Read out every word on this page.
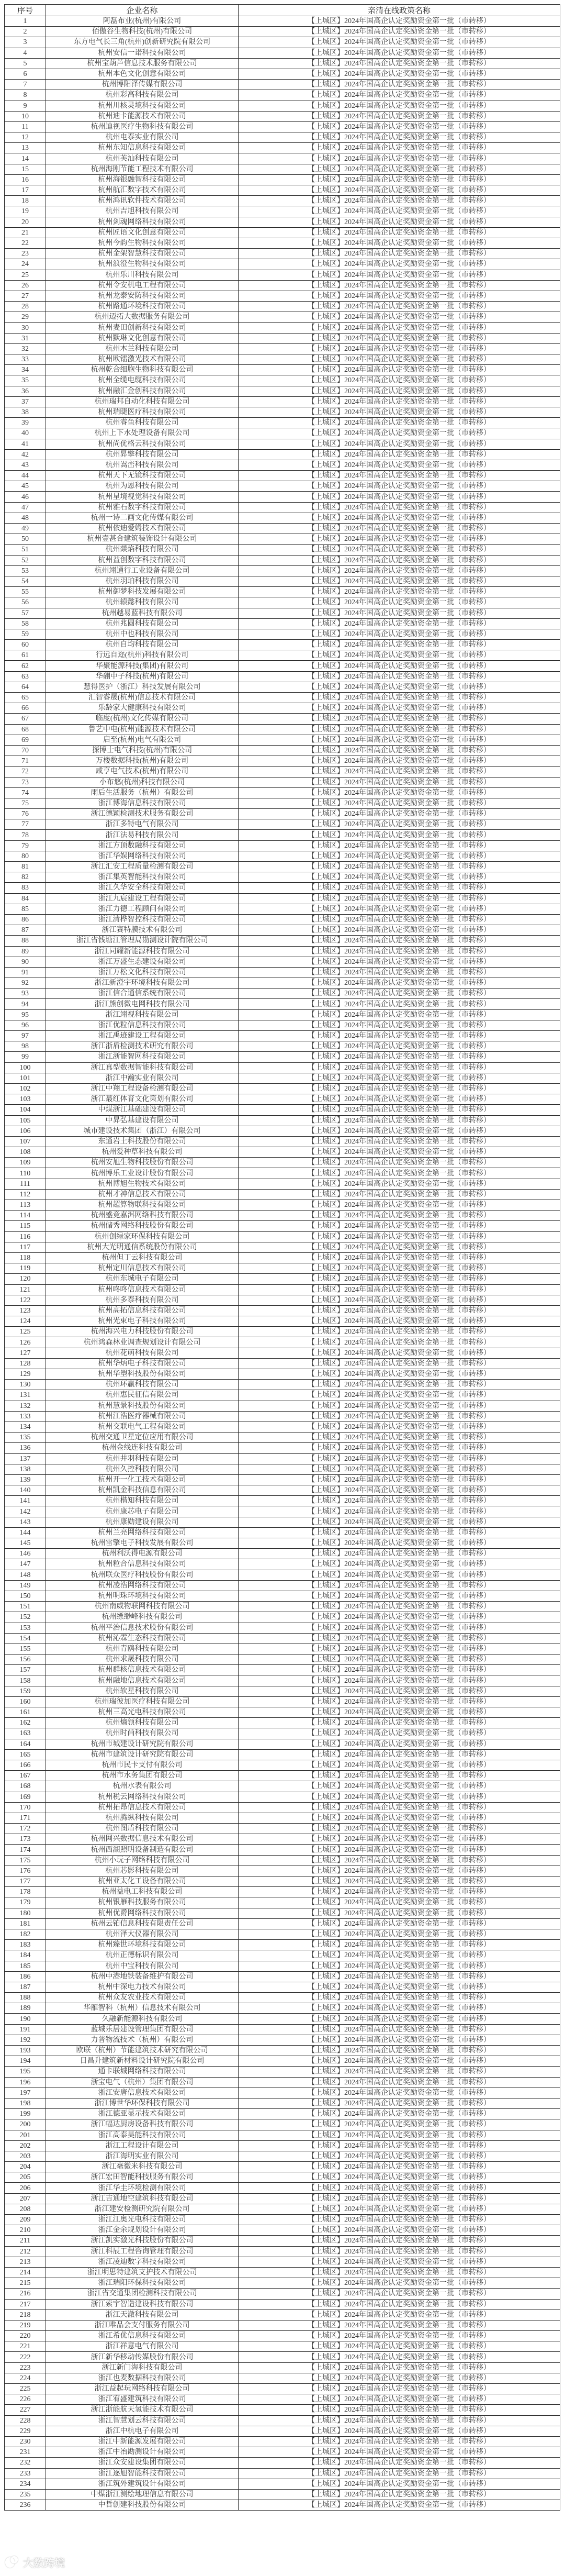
序号	企业名称	亲清在线政策名称
1	阿磊布业(杭州)有限公司	【上城区】2024年国高企认定奖励资金第一批（市转移）
2	佰傲谷生物科技(杭州)有限公司	【上城区】2024年国高企认定奖励资金第一批（市转移）
3	东方电气长三角(杭州)创新研究院有限公司	【上城区】2024年国高企认定奖励资金第一批（市转移）
4	杭州安信一诺科技有限公司	【上城区】2024年国高企认定奖励资金第一批（市转移）
5	杭州宝葫芦信息技术服务有限公司	【上城区】2024年国高企认定奖励资金第一批（市转移）
6	杭州本色文化创意有限公司	【上城区】2024年国高企认定奖励资金第一批（市转移）
7	杭州博阳泽传媒有限公司	【上城区】2024年国高企认定奖励资金第一批（市转移）
8	杭州彩高科技有限公司	【上城区】2024年国高企认定奖励资金第一批（市转移）
9	杭州川核灵境科技有限公司	【上城区】2024年国高企认定奖励资金第一批（市转移）
10	杭州迪卡能源技术有限公司	【上城区】2024年国高企认定奖励资金第一批（市转移）
11	杭州迪视医疗生物科技有限公司	【上城区】2024年国高企认定奖励资金第一批（市转移）
12	杭州电泰实业有限公司	【上城区】2024年国高企认定奖励资金第一批（市转移）
13	杭州东知信息科技有限公司	【上城区】2024年国高企认定奖励资金第一批（市转移）
14	杭州芙汕科技有限公司	【上城区】2024年国高企认定奖励资金第一批（市转移）
15	杭州海刚节能工程技术有限公司	【上城区】2024年国高企认定奖励资金第一批（市转移）
16	杭州海银融智科技有限公司	【上城区】2024年国高企认定奖励资金第一批（市转移）
17	杭州航汇数字技术有限公司	【上城区】2024年国高企认定奖励资金第一批（市转移）
18	杭州鸿讯软件技术有限公司	【上城区】2024年国高企认定奖励资金第一批（市转移）
19	杭州吉旭科技有限公司	【上城区】2024年国高企认定奖励资金第一批（市转移）
20	杭州剑魂网络科技有限公司	【上城区】2024年国高企认定奖励资金第一批（市转移）
21	杭州匠语文化创意有限公司	【上城区】2024年国高企认定奖励资金第一批（市转移）
22	杭州今韵生物科技有限公司	【上城区】2024年国高企认定奖励资金第一批（市转移）
23	杭州金架智慧科技有限公司	【上城区】2024年国高企认定奖励资金第一批（市转移）
24	杭州浪澄生物科技有限公司	【上城区】2024年国高企认定奖励资金第一批（市转移）
25	杭州乐川科技有限公司	【上城区】2024年国高企认定奖励资金第一批（市转移）
26	杭州令安机电工程有限公司	【上城区】2024年国高企认定奖励资金第一批（市转移）
27	杭州龙泰安防科技有限公司	【上城区】2024年国高企认定奖励资金第一批（市转移）
28	杭州路通环境科技有限公司	【上城区】2024年国高企认定奖励资金第一批（市转移）
29	杭州迈拓大数据服务有限公司	【上城区】2024年国高企认定奖励资金第一批（市转移）
30	杭州麦田创新科技有限公司	【上城区】2024年国高企认定奖励资金第一批（市转移）
31	杭州默琳文化创意有限公司	【上城区】2024年国高企认定奖励资金第一批（市转移）
32	杭州木兰科技有限公司	【上城区】2024年国高企认定奖励资金第一批（市转移）
33	杭州欧镭激光技术有限公司	【上城区】2024年国高企认定奖励资金第一批（市转移）
34	杭州乾合细胞生物科技有限公司	【上城区】2024年国高企认定奖励资金第一批（市转移）
35	杭州全缆电缆科技有限公司	【上城区】2024年国高企认定奖励资金第一批（市转移）
36	杭州融汇金创科技有限公司	【上城区】2024年国高企认定奖励资金第一批（市转移）
37	杭州瑞邦自动化科技有限公司	【上城区】2024年国高企认定奖励资金第一批（市转移）
38	杭州瑞睫医疗科技有限公司	【上城区】2024年国高企认定奖励资金第一批（市转移）
39	杭州睿鱼科技有限公司	【上城区】2024年国高企认定奖励资金第一批（市转移）
40	杭州上下水处理设备有限公司	【上城区】2024年国高企认定奖励资金第一批（市转移）
41	杭州尚优格云科技有限公司	【上城区】2024年国高企认定奖励资金第一批（市转移）
42	杭州昇擎科技有限公司	【上城区】2024年国高企认定奖励资金第一批（市转移）
43	杭州嵩峦科技有限公司	【上城区】2024年国高企认定奖励资金第一批（市转移）
44	杭州天下无镜科技有限公司	【上城区】2024年国高企认定奖励资金第一批（市转移）
45	杭州为恩科技有限公司	【上城区】2024年国高企认定奖励资金第一批（市转移）
46	杭州星境视觉科技有限公司	【上城区】2024年国高企认定奖励资金第一批（市转移）
47	杭州雅石数字科技有限公司	【上城区】2024年国高企认定奖励资金第一批（市转移）
48	杭州一诗二画文化传媒有限公司	【上城区】2024年国高企认定奖励资金第一批（市转移）
49	杭州依迪爱姆技术有限公司	【上城区】2024年国高企认定奖励资金第一批（市转移）
50	杭州壹甚合建筑装饰设计有限公司	【上城区】2024年国高企认定奖励资金第一批（市转移）
51	杭州燚焰科技有限公司	【上城区】2024年国高企认定奖励资金第一批（市转移）
52	杭州益创数字科技有限公司	【上城区】2024年国高企认定奖励资金第一批（市转移）
53	杭州翊通行工业设备有限公司	【上城区】2024年国高企认定奖励资金第一批（市转移）
54	杭州羽珀科技有限公司	【上城区】2024年国高企认定奖励资金第一批（市转移）
55	杭州御梦科技发展有限公司	【上城区】2024年国高企认定奖励资金第一批（市转移）
56	杭州辕懿科技有限公司	【上城区】2024年国高企认定奖励资金第一批（市转移）
57	杭州越易蓝科技有限公司	【上城区】2024年国高企认定奖励资金第一批（市转移）
58	杭州兆圆科技有限公司	【上城区】2024年国高企认定奖励资金第一批（市转移）
59	杭州中也科技有限公司	【上城区】2024年国高企认定奖励资金第一批（市转移）
60	杭州自均科技有限公司	【上城区】2024年国高企认定奖励资金第一批（市转移）
61	行远自迩(杭州)科技有限公司	【上城区】2024年国高企认定奖励资金第一批（市转移）
62	华聚能源科技(集团)有限公司	【上城区】2024年国高企认定奖励资金第一批（市转移）
63	华硼中子科技(杭州)有限公司	【上城区】2024年国高企认定奖励资金第一批（市转移）
64	慧得医护（浙江）科技发展有限公司	【上城区】2024年国高企认定奖励资金第一批（市转移）
65	汇智睿晟(杭州)信息技术有限公司	【上城区】2024年国高企认定奖励资金第一批（市转移）
66	乐龄家大健康科技有限公司	【上城区】2024年国高企认定奖励资金第一批（市转移）
67	临度(杭州)文化传媒有限公司	【上城区】2024年国高企认定奖励资金第一批（市转移）
68	鲁艺中电(杭州)能源技术有限公司	【上城区】2024年国高企认定奖励资金第一批（市转移）
69	启至(杭州)电气有限公司	【上城区】2024年国高企认定奖励资金第一批（市转移）
70	探博士电气科技(杭州)有限公司	【上城区】2024年国高企认定奖励资金第一批（市转移）
71	万楼数据科技(杭州)有限公司	【上城区】2024年国高企认定奖励资金第一批（市转移）
72	咸亨电气技术(杭州)有限公司	【上城区】2024年国高企认定奖励资金第一批（市转移）
73	小布悠(杭州)科技有限公司	【上城区】2024年国高企认定奖励资金第一批（市转移）
74	雨后生活服务（杭州）有限公司	【上城区】2024年国高企认定奖励资金第一批（市转移）
75	浙江博海信息科技有限公司	【上城区】2024年国高企认定奖励资金第一批（市转移）
76	浙江德颖检测技术服务有限公司	【上城区】2024年国高企认定奖励资金第一批（市转移）
77	浙江多特电气有限公司	【上城区】2024年国高企认定奖励资金第一批（市转移）
78	浙江法易科技有限公司	【上城区】2024年国高企认定奖励资金第一批（市转移）
79	浙江方顶数融科技有限公司	【上城区】2024年国高企认定奖励资金第一批（市转移）
80	浙江华娱网络科技有限公司	【上城区】2024年国高企认定奖励资金第一批（市转移）
81	浙江汇安工程质量检测有限公司	【上城区】2024年国高企认定奖励资金第一批（市转移）
82	浙江集英智能科技有限公司	【上城区】2024年国高企认定奖励资金第一批（市转移）
83	浙江久华安全科技有限公司	【上城区】2024年国高企认定奖励资金第一批（市转移）
84	浙江九宸建设工程有限公司	【上城区】2024年国高企认定奖励资金第一批（市转移）
85	浙江力德工程顾问有限公司	【上城区】2024年国高企认定奖励资金第一批（市转移）
86	浙江清桦智控科技有限公司	【上城区】2024年国高企认定奖励资金第一批（市转移）
87	浙江赛特膜技术有限公司	【上城区】2024年国高企认定奖励资金第一批（市转移）
88	浙江省钱塘江管理局勘测设计院有限公司	【上城区】2024年国高企认定奖励资金第一批（市转移）
89	浙江同耀新能源科技有限公司	【上城区】2024年国高企认定奖励资金第一批（市转移）
90	浙江万盛生态建设有限公司	【上城区】2024年国高企认定奖励资金第一批（市转移）
91	浙江万松文化科技有限公司	【上城区】2024年国高企认定奖励资金第一批（市转移）
92	浙江新澄宇环境科技有限公司	【上城区】2024年国高企认定奖励资金第一批（市转移）
93	浙江信合通信系统有限公司	【上城区】2024年国高企认定奖励资金第一批（市转移）
94	浙江熊创微电网科技有限公司	【上城区】2024年国高企认定奖励资金第一批（市转移）
95	浙江翊视科技有限公司	【上城区】2024年国高企认定奖励资金第一批（市转移）
96	浙江优粒信息科技有限公司	【上城区】2024年国高企认定奖励资金第一批（市转移）
97	浙江禹迹建设工程有限公司	【上城区】2024年国高企认定奖励资金第一批（市转移）
98	浙江浙盾检测技术研究有限公司	【上城区】2024年国高企认定奖励资金第一批（市转移）
99	浙江浙能智网科技有限公司	【上城区】2024年国高企认定奖励资金第一批（市转移）
100	浙江真型数据智能科技有限公司	【上城区】2024年国高企认定奖励资金第一批（市转移）
101	浙江中瀚实业有限公司	【上城区】2024年国高企认定奖励资金第一批（市转移）
102	浙江中翔工程设备检测有限公司	【上城区】2024年国高企认定奖励资金第一批（市转移）
103	浙江蕞红体育文化策划有限公司	【上城区】2024年国高企认定奖励资金第一批（市转移）
104	中煤浙江基础建设有限公司	【上城区】2024年国高企认定奖励资金第一批（市转移）
105	中昇弘基建设有限公司	【上城区】2024年国高企认定奖励资金第一批（市转移）
106	城市建设技术集团（浙江）有限公司	【上城区】2024年国高企认定奖励资金第一批（市转移）
107	东通岩土科技股份有限公司	【上城区】2024年国高企认定奖励资金第一批（市转移）
108	杭州爱种草科技有限公司	【上城区】2024年国高企认定奖励资金第一批（市转移）
109	杭州安旭生物科技股份有限公司	【上城区】2024年国高企认定奖励资金第一批（市转移）
110	杭州博乐工业设计股份有限公司	【上城区】2024年国高企认定奖励资金第一批（市转移）
111	杭州博旭生物技术有限公司	【上城区】2024年国高企认定奖励资金第一批（市转移）
112	杭州才神信息技术有限公司	【上城区】2024年国高企认定奖励资金第一批（市转移）
113	杭州超算物联科技有限公司	【上城区】2024年国高企认定奖励资金第一批（市转移）
114	杭州盛竞嘉洱网络科技有限公司	【上城区】2024年国高企认定奖励资金第一批（市转移）
115	杭州储秀网络科技股份有限公司	【上城区】2024年国高企认定奖励资金第一批（市转移）
116	杭州创绿家环保科技有限公司	【上城区】2024年国高企认定奖励资金第一批（市转移）
117	杭州大光明通信系统股份有限公司	【上城区】2024年国高企认定奖励资金第一批（市转移）
118	杭州但丁云科技有限公司	【上城区】2024年国高企认定奖励资金第一批（市转移）
119	杭州定川信息技术有限公司	【上城区】2024年国高企认定奖励资金第一批（市转移）
120	杭州东城电子有限公司	【上城区】2024年国高企认定奖励资金第一批（市转移）
121	杭州咚咚信息技术有限公司	【上城区】2024年国高企认定奖励资金第一批（市转移）
122	杭州多泰科技有限公司	【上城区】2024年国高企认定奖励资金第一批（市转移）
123	杭州高拓信息科技有限公司	【上城区】2024年国高企认定奖励资金第一批（市转移）
124	杭州光束电子科技有限公司	【上城区】2024年国高企认定奖励资金第一批（市转移）
125	杭州海兴电力科技股份有限公司	【上城区】2024年国高企认定奖励资金第一批（市转移）
126	杭州鸿森林业调查规划设计有限公司	【上城区】2024年国高企认定奖励资金第一批（市转移）
127	杭州花萌科技有限公司	【上城区】2024年国高企认定奖励资金第一批（市转移）
128	杭州华炳电子科技有限公司	【上城区】2024年国高企认定奖励资金第一批（市转移）
129	杭州华塑科技股份有限公司	【上城区】2024年国高企认定奖励资金第一批（市转移）
130	杭州环赢科技有限公司	【上城区】2024年国高企认定奖励资金第一批（市转移）
131	杭州惠民征信有限公司	【上城区】2024年国高企认定奖励资金第一批（市转移）
132	杭州慧景科技股份有限公司	【上城区】2024年国高企认定奖励资金第一批（市转移）
133	杭州江浩医疗器械有限公司	【上城区】2024年国高企认定奖励资金第一批（市转移）
134	杭州交联电气工程有限公司	【上城区】2024年国高企认定奖励资金第一批（市转移）
135	杭州交通卫星定位应用有限公司	【上城区】2024年国高企认定奖励资金第一批（市转移）
136	杭州金线连科技有限公司	【上城区】2024年国高企认定奖励资金第一批（市转移）
137	杭州井羽科技有限公司	【上城区】2024年国高企认定奖励资金第一批（市转移）
138	杭州久控科技有限公司	【上城区】2024年国高企认定奖励资金第一批（市转移）
139	杭州开一化工技术有限公司	【上城区】2024年国高企认定奖励资金第一批（市转移）
140	杭州凯金科技信息有限公司	【上城区】2024年国高企认定奖励资金第一批（市转移）
141	杭州楷知科技有限公司	【上城区】2024年国高企认定奖励资金第一批（市转移）
142	杭州康芯电子有限公司	【上城区】2024年国高企认定奖励资金第一批（市转移）
143	杭州康勋建设有限公司	【上城区】2024年国高企认定奖励资金第一批（市转移）
144	杭州兰亮网络科技有限公司	【上城区】2024年国高企认定奖励资金第一批（市转移）
145	杭州雷擎电子科技发展有限公司	【上城区】2024年国高企认定奖励资金第一批（市转移）
146	杭州利沃得电源有限公司	【上城区】2024年国高企认定奖励资金第一批（市转移）
147	杭州粒合信息科技有限公司	【上城区】2024年国高企认定奖励资金第一批（市转移）
148	杭州联众医疗科技股份有限公司	【上城区】2024年国高企认定奖励资金第一批（市转移）
149	杭州凌浩网络科技有限公司	【上城区】2024年国高企认定奖励资金第一批（市转移）
150	杭州明珠环境科技有限公司	【上城区】2024年国高企认定奖励资金第一批（市转移）
151	杭州南威物联网科技有限公司	【上城区】2024年国高企认定奖励资金第一批（市转移）
152	杭州缥缈峰科技有限公司	【上城区】2024年国高企认定奖励资金第一批（市转移）
153	杭州平治信息技术股份有限公司	【上城区】2024年国高企认定奖励资金第一批（市转移）
154	杭州沁霖生态科技有限公司	【上城区】2024年国高企认定奖励资金第一批（市转移）
155	杭州青鸥科技有限公司	【上城区】2024年国高企认定奖励资金第一批（市转移）
156	杭州求晟科技有限公司	【上城区】2024年国高企认定奖励资金第一批（市转移）
157	杭州群核信息技术有限公司	【上城区】2024年国高企认定奖励资金第一批（市转移）
158	杭州融地信息技术有限公司	【上城区】2024年国高企认定奖励资金第一批（市转移）
159	杭州软星科技有限公司	【上城区】2024年国高企认定奖励资金第一批（市转移）
160	杭州瑞彼加医疗科技有限公司	【上城区】2024年国高企认定奖励资金第一批（市转移）
161	杭州三高光电科技有限公司	【上城区】2024年国高企认定奖励资金第一批（市转移）
162	杭州熵领科技有限公司	【上城区】2024年国高企认定奖励资金第一批（市转移）
163	杭州时尚科技有限公司	【上城区】2024年国高企认定奖励资金第一批（市转移）
164	杭州市城建设计研究院有限公司	【上城区】2024年国高企认定奖励资金第一批（市转移）
165	杭州市建筑设计研究院有限公司	【上城区】2024年国高企认定奖励资金第一批（市转移）
166	杭州市民卡支付有限公司	【上城区】2024年国高企认定奖励资金第一批（市转移）
167	杭州市水务集团有限公司	【上城区】2024年国高企认定奖励资金第一批（市转移）
168	杭州水表有限公司	【上城区】2024年国高企认定奖励资金第一批（市转移）
169	杭州税云网络科技有限公司	【上城区】2024年国高企认定奖励资金第一批（市转移）
170	杭州拓昂信息技术有限公司	【上城区】2024年国高企认定奖励资金第一批（市转移）
171	杭州腾纵科技有限公司	【上城区】2024年国高企认定奖励资金第一批（市转移）
172	杭州图盾科技有限公司	【上城区】2024年国高企认定奖励资金第一批（市转移）
173	杭州网兴数据信息技术有限公司	【上城区】2024年国高企认定奖励资金第一批（市转移）
174	杭州西湖照明设备制造有限公司	【上城区】2024年国高企认定奖励资金第一批（市转移）
175	杭州小玩子网络科技有限公司	【上城区】2024年国高企认定奖励资金第一批（市转移）
176	杭州芯影科技有限公司	【上城区】2024年国高企认定奖励资金第一批（市转移）
177	杭州亚太化工设备有限公司	【上城区】2024年国高企认定奖励资金第一批（市转移）
178	杭州益电工科技有限公司	【上城区】2024年国高企认定奖励资金第一批（市转移）
179	杭州银雁科技服务有限公司	【上城区】2024年国高企认定奖励资金第一批（市转移）
180	杭州优爵网络科技有限公司	【上城区】2024年国高企认定奖励资金第一批（市转移）
181	杭州云铂信息科技有限责任公司	【上城区】2024年国高企认定奖励资金第一批（市转移）
182	杭州泽大仪器有限公司	【上城区】2024年国高企认定奖励资金第一批（市转移）
183	杭州臻世环境科技有限公司	【上城区】2024年国高企认定奖励资金第一批（市转移）
184	杭州正德标识有限公司	【上城区】2024年国高企认定奖励资金第一批（市转移）
185	杭州中宝科技有限公司	【上城区】2024年国高企认定奖励资金第一批（市转移）
186	杭州中港地铁装备维护有限公司	【上城区】2024年国高企认定奖励资金第一批（市转移）
187	杭州中深电力技术有限公司	【上城区】2024年国高企认定奖励资金第一批（市转移）
188	杭州众友农业技术有限公司	【上城区】2024年国高企认定奖励资金第一批（市转移）
189	华雁智科（杭州）信息技术有限公司	【上城区】2024年国高企认定奖励资金第一批（市转移）
190	久融新能源科技有限公司	【上城区】2024年国高企认定奖励资金第一批（市转移）
191	蓝城乐居建设管理集团有限公司	【上城区】2024年国高企认定奖励资金第一批（市转移）
192	力普物流技术（杭州）有限公司	【上城区】2024年国高企认定奖励资金第一批（市转移）
193	欧联（杭州）节能建筑技术研究有限公司	【上城区】2024年国高企认定奖励资金第一批（市转移）
194	日昌升建筑新材料设计研究院有限公司	【上城区】2024年国高企认定奖励资金第一批（市转移）
195	通卡联城网络科技有限公司	【上城区】2024年国高企认定奖励资金第一批（市转移）
196	浙宝电气（杭州）集团有限公司	【上城区】2024年国高企认定奖励资金第一批（市转移）
197	浙江安唐信息技术有限公司	【上城区】2024年国高企认定奖励资金第一批（市转移）
198	浙江博世华环保科技有限公司	【上城区】2024年国高企认定奖励资金第一批（市转移）
199	浙江德亚显示技术有限公司	【上城区】2024年国高企认定奖励资金第一批（市转移）
200	浙江幅达厨房设备科技有限公司	【上城区】2024年国高企认定奖励资金第一批（市转移）
201	浙江高泰昊能科技有限公司	【上城区】2024年国高企认定奖励资金第一批（市转移）
202	浙江工程设计有限公司	【上城区】2024年国高企认定奖励资金第一批（市转移）
203	浙江海明实业有限公司	【上城区】2024年国高企认定奖励资金第一批（市转移）
204	浙江毫微米科技有限公司	【上城区】2024年国高企认定奖励资金第一批（市转移）
205	浙江宏田智能科技服务有限公司	【上城区】2024年国高企认定奖励资金第一批（市转移）
206	浙江华圭环境检测有限公司	【上城区】2024年国高企认定奖励资金第一批（市转移）
207	浙江吉通地空建筑科技有限公司	【上城区】2024年国高企认定奖励资金第一批（市转移）
208	浙江建安检测研究院有限公司	【上城区】2024年国高企认定奖励资金第一批（市转移）
209	浙江江奥光电科技有限公司	【上城区】2024年国高企认定奖励资金第一批（市转移）
210	浙江金余规划设计有限公司	【上城区】2024年国高企认定奖励资金第一批（市转移）
211	浙江凯实激光科技股份有限公司	【上城区】2024年国高企认定奖励资金第一批（市转移）
212	浙江科辰工程咨询管理有限公司	【上城区】2024年国高企认定奖励资金第一批（市转移）
213	浙江凌迪数字科技有限公司	【上城区】2024年国高企认定奖励资金第一批（市转移）
214	浙江明思特建筑支护技术有限公司	【上城区】2024年国高企认定奖励资金第一批（市转移）
215	浙江瑞阳环保科技有限公司	【上城区】2024年国高企认定奖励资金第一批（市转移）
216	浙江省交通集团检测科技有限公司	【上城区】2024年国高企认定奖励资金第一批（市转移）
217	浙江索宇智造建设科技有限公司	【上城区】2024年国高企认定奖励资金第一批（市转移）
218	浙江天澈科技有限公司	【上城区】2024年国高企认定奖励资金第一批（市转移）
219	浙江唯品会支付服务有限公司	【上城区】2024年国高企认定奖励资金第一批（市转移）
220	浙江希优信息科技有限公司	【上城区】2024年国高企认定奖励资金第一批（市转移）
221	浙江祥意电气有限公司	【上城区】2024年国高企认定奖励资金第一批（市转移）
222	浙江新华移动传媒股份有限公司	【上城区】2024年国高企认定奖励资金第一批（市转移）
223	浙江新门海科技有限公司	【上城区】2024年国高企认定奖励资金第一批（市转移）
224	浙江也麦数据科技有限公司	【上城区】2024年国高企认定奖励资金第一批（市转移）
225	浙江益起玩网络科技有限公司	【上城区】2024年国高企认定奖励资金第一批（市转移）
226	浙江宥盛建筑科技有限公司	【上城区】2024年国高企认定奖励资金第一批（市转移）
227	浙江浙能航天氢能技术有限公司	【上城区】2024年国高企认定奖励资金第一批（市转移）
228	浙江智慧划云科技有限公司	【上城区】2024年国高企认定奖励资金第一批（市转移）
229	浙江中杭电子有限公司	【上城区】2024年国高企认定奖励资金第一批（市转移）
230	浙江中新能源发展有限公司	【上城区】2024年国高企认定奖励资金第一批（市转移）
231	浙江中冶勘测设计有限公司	【上城区】2024年国高企认定奖励资金第一批（市转移）
232	浙江众安建设集团有限公司	【上城区】2024年国高企认定奖励资金第一批（市转移）
233	浙江逐旭智能科技有限公司	【上城区】2024年国高企认定奖励资金第一批（市转移）
234	浙江筑外建筑设计有限公司	【上城区】2024年国高企认定奖励资金第一批（市转移）
235	中煤浙江测绘地理信息有限公司	【上城区】2024年国高企认定奖励资金第一批（市转移）
236	中哲创建科技股份有限公司	【上城区】2024年国高企认定奖励资金第一批（市转移）
大数跨境
